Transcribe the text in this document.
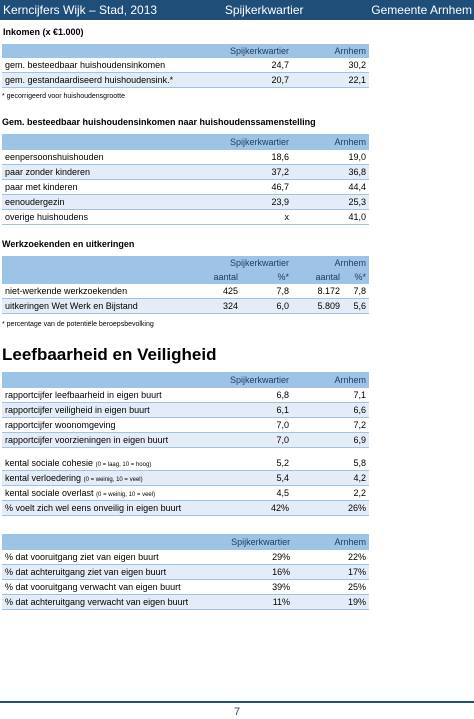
Kerncijfers Wijk – Stad, 2013	Spijkerkwartier	Gemeente Arnhem
Inkomen (x €1.000)
	Spijkerkwartier	Arnhem
gem. besteedbaar huishoudensinkomen	24,7	30,2
gem. gestandaardiseerd huishoudensink.*	20,7	22,1
* gecorrigeerd voor huishoudensgrootte
Gem. besteedbaar huishoudensinkomen naar huishoudenssamenstelling
	Spijkerkwartier	Arnhem
eenpersoonshuishouden	18,6	19,0
paar zonder kinderen	37,2	36,8
paar met kinderen	46,7	44,4
eenoudergezin	23,9	25,3
overige huishoudens	x	41,0
Werkzoekenden en uitkeringen
	Spijkerkwartier		Arnhem	
	aantal	%*	aantal	%*
niet-werkende werkzoekenden	425	7,8	8.172	7,8
uitkeringen Wet Werk en Bijstand	324	6,0	5.809	5,6
* percentage van de potentiële beroepsbevolking
Leefbaarheid en Veiligheid
	Spijkerkwartier	Arnhem
rapportcijfer leefbaarheid in eigen buurt	6,8	7,1
rapportcijfer veiligheid in eigen buurt	6,1	6,6
rapportcijfer woonomgeving	7,0	7,2
rapportcijfer voorzieningen in eigen buurt	7,0	6,9

kental sociale cohesie (0 = laag, 10 = hoog)	5,2	5,8
kental verloedering (0 = weinig, 10 = veel)	5,4	4,2
kental sociale overlast (0 = weinig, 10 = veel)	4,5	2,2
% voelt zich wel eens onveilig in eigen buurt	42%	26%
	Spijkerkwartier	Arnhem
% dat vooruitgang ziet van eigen buurt	29%	22%
% dat achteruitgang ziet van eigen buurt	16%	17%
% dat vooruitgang verwacht van eigen buurt	39%	25%
% dat achteruitgang verwacht van eigen buurt	11%	19%
7
